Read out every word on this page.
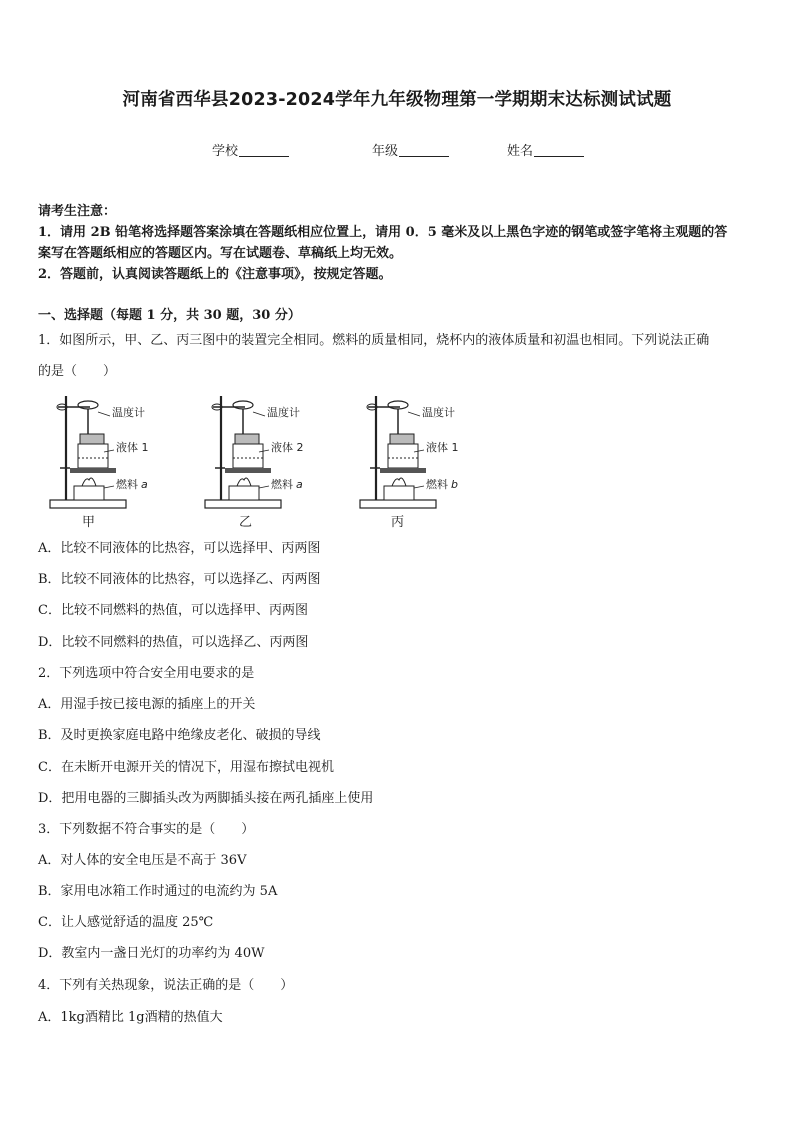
河南省西华县2023-2024学年九年级物理第一学期期末达标测试试题
学校	年级	姓名
请考生注意：
1．请用 2B 铅笔将选择题答案涂填在答题纸相应位置上，请用 0．5 毫米及以上黑色字迹的钢笔或签字笔将主观题的答
案写在答题纸相应的答题区内。写在试题卷、草稿纸上均无效。
2．答题前，认真阅读答题纸上的《注意事项》，按规定答题。
一、选择题（每题 1 分，共 30 题，30 分）
1．如图所示，甲、乙、丙三图中的装置完全相同。燃料的质量相同，烧杯内的液体质量和初温也相同。下列说法正确
的是（　　）
温度计
液体 1
燃料 a
甲
温度计
液体 2
燃料 a
乙
温度计
液体 1
燃料 b
丙
A．比较不同液体的比热容，可以选择甲、丙两图
B．比较不同液体的比热容，可以选择乙、丙两图
C．比较不同燃料的热值，可以选择甲、丙两图
D．比较不同燃料的热值，可以选择乙、丙两图
2．下列选项中符合安全用电要求的是
A．用湿手按已接电源的插座上的开关
B．及时更换家庭电路中绝缘皮老化、破损的导线
C．在未断开电源开关的情况下，用湿布擦拭电视机
D．把用电器的三脚插头改为两脚插头接在两孔插座上使用
3．下列数据不符合事实的是（　　）
A．对人体的安全电压是不高于 36V
B．家用电冰箱工作时通过的电流约为 5A
C．让人感觉舒适的温度 25℃
D．教室内一盏日光灯的功率约为 40W
4．下列有关热现象，说法正确的是（　　）
A．1kg酒精比 1g酒精的热值大
